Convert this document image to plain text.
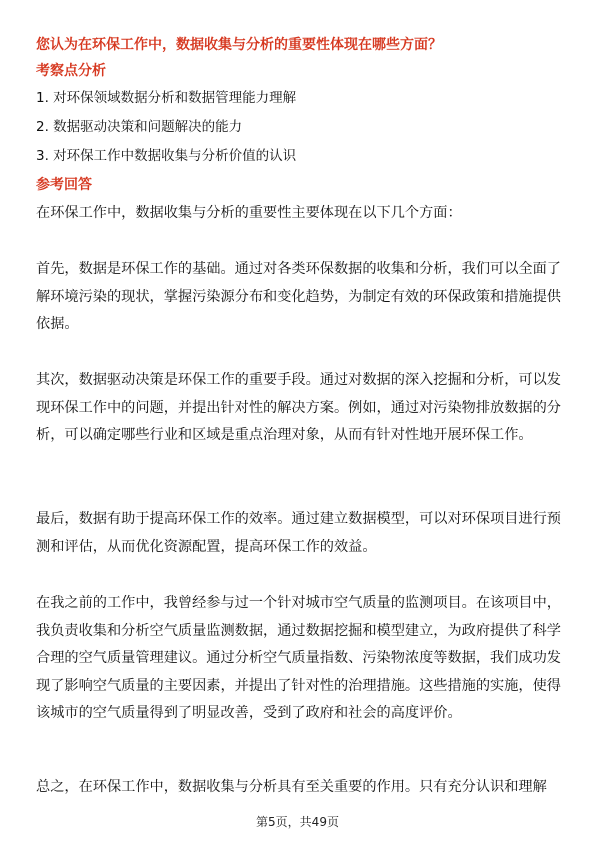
您认为在环保工作中，数据收集与分析的重要性体现在哪些方面？
考察点分析
1. 对环保领域数据分析和数据管理能力理解
2. 数据驱动决策和问题解决的能力
3. 对环保工作中数据收集与分析价值的认识
参考回答

在环保工作中，数据收集与分析的重要性主要体现在以下几个方面：

首先，数据是环保工作的基础。通过对各类环保数据的收集和分析，我们可以全面了解环境污染的现状，掌握污染源分布和变化趋势，为制定有效的环保政策和措施提供依据。

其次，数据驱动决策是环保工作的重要手段。通过对数据的深入挖掘和分析，可以发现环保工作中的问题，并提出针对性的解决方案。例如，通过对污染物排放数据的分析，可以确定哪些行业和区域是重点治理对象，从而有针对性地开展环保工作。

最后，数据有助于提高环保工作的效率。通过建立数据模型，可以对环保项目进行预测和评估，从而优化资源配置，提高环保工作的效益。

在我之前的工作中，我曾经参与过一个针对城市空气质量的监测项目。在该项目中，我负责收集和分析空气质量监测数据，通过数据挖掘和模型建立，为政府提供了科学合理的空气质量管理建议。通过分析空气质量指数、污染物浓度等数据，我们成功发现了影响空气质量的主要因素，并提出了针对性的治理措施。这些措施的实施，使得该城市的空气质量得到了明显改善，受到了政府和社会的高度评价。

总之，在环保工作中，数据收集与分析具有至关重要的作用。只有充分认识和理解

第5页，共49页
